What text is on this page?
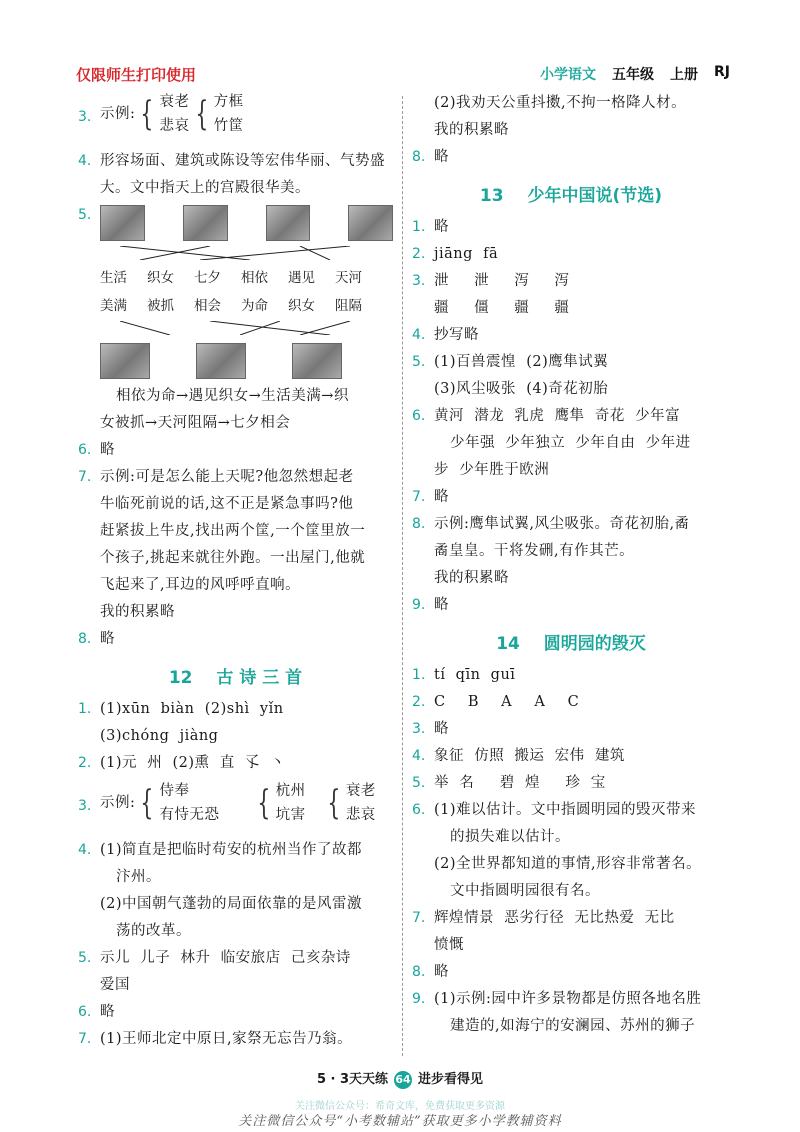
仅限师生打印使用	小学语文 五年级 上册 RJ
3. 示例: { 衰老
悲哀 { 方框
竹筐
4. 形容场面、建筑或陈设等宏伟华丽、气势盛
大。文中指天上的宫殿很华美。
5.
生活 织女 七夕 相依 遇见 天河
美满 被抓 相会 为命 织女 阻隔
相依为命→遇见织女→生活美满→织
女被抓→天河阻隔→七夕相会
6. 略
7. 示例:可是怎么能上天呢?他忽然想起老
牛临死前说的话,这不正是紧急事吗?他
赶紧拔上牛皮,找出两个筐,一个筐里放一
个孩子,挑起来就往外跑。一出屋门,他就
飞起来了,耳边的风呼呼直响。
我的积累略
8. 略
12 古 诗 三 首
1. (1)xūn  biàn  (2)shì  yǐn
(3)chóng  jiàng
2. (1)元  州  (2)熏  直  孓  丶
3. 示例: { 侍奉
有恃无恐	{ 杭州
坑害 { 衰老
悲哀
4. (1)简直是把临时苟安的杭州当作了故都
汴州。
(2)中国朝气蓬勃的局面依靠的是风雷激
荡的改革。
5. 示儿  儿子  林升  临安旅店  己亥杂诗
爱国
6. 略
7. (1)王师北定中原日,家祭无忘告乃翁。
(2)我劝天公重抖擞,不拘一格降人材。
我的积累略
8. 略
13 少年中国说(节选)
1. 略
2. jiāng  fā
3. 泄 泄 泻 泻
疆 僵 疆 疆
4. 抄写略
5. (1)百兽震惶  (2)鹰隼试翼
(3)风尘吸张  (4)奇花初胎
6. 黄河  潜龙  乳虎  鹰隼  奇花  少年富
少年强  少年独立  少年自由  少年进
步  少年胜于欧洲
7. 略
8. 示例:鹰隼试翼,风尘吸张。奇花初胎,矞
矞皇皇。干将发硎,有作其芒。
我的积累略
9. 略
14 圆明园的毁灭
1. tí  qīn  guī
2. C  B  A  A  C
3. 略
4. 象征  仿照  搬运  宏伟  建筑
5. 举  名     碧  煌     珍  宝
6. (1)难以估计。文中指圆明园的毁灭带来
的损失难以估计。
(2)全世界都知道的事情,形容非常著名。
文中指圆明园很有名。
7. 辉煌情景  恶劣行径  无比热爱  无比
愤慨
8. 略
9. (1)示例:园中许多景物都是仿照各地名胜
建造的,如海宁的安澜园、苏州的狮子
5 · 3天天练 64 进步看得见
关注微信公众号：希奇文库，免费获取更多资源
关注微信公众号“小考数辅站”获取更多小学教辅资料
